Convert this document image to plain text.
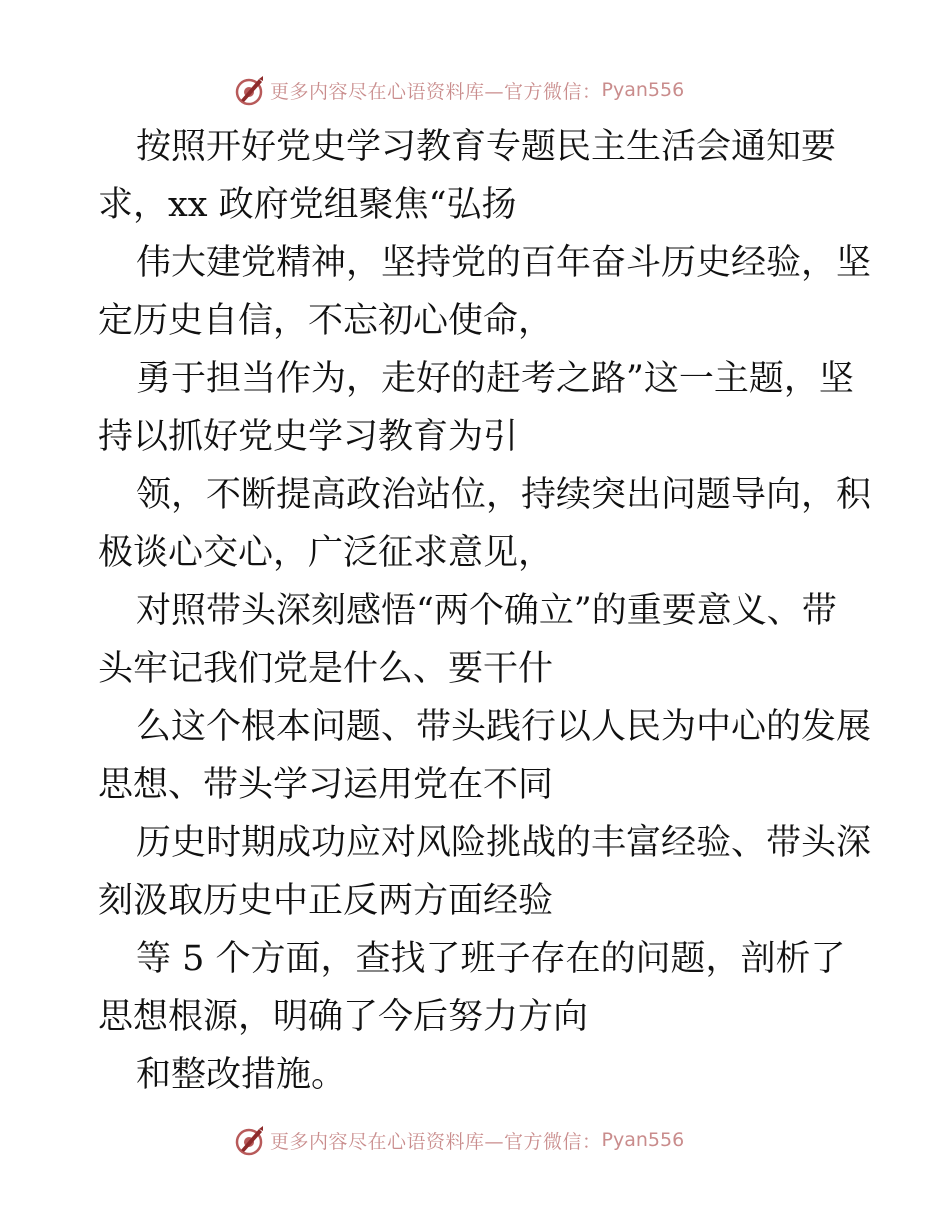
更多内容尽在心语资料库—官方微信： Pyan556
按照开好党史学习教育专题民主生活会通知要
求，xx 政府党组聚焦“弘扬
伟大建党精神，坚持党的百年奋斗历史经验，坚
定历史自信，不忘初心使命，
勇于担当作为，走好的赶考之路”这一主题，坚
持以抓好党史学习教育为引
领，不断提高政治站位，持续突出问题导向，积
极谈心交心，广泛征求意见，
对照带头深刻感悟“两个确立”的重要意义、带
头牢记我们党是什么、要干什
么这个根本问题、带头践行以人民为中心的发展
思想、带头学习运用党在不同
历史时期成功应对风险挑战的丰富经验、带头深
刻汲取历史中正反两方面经验
等 5 个方面，查找了班子存在的问题，剖析了
思想根源，明确了今后努力方向
和整改措施。
更多内容尽在心语资料库—官方微信： Pyan556
